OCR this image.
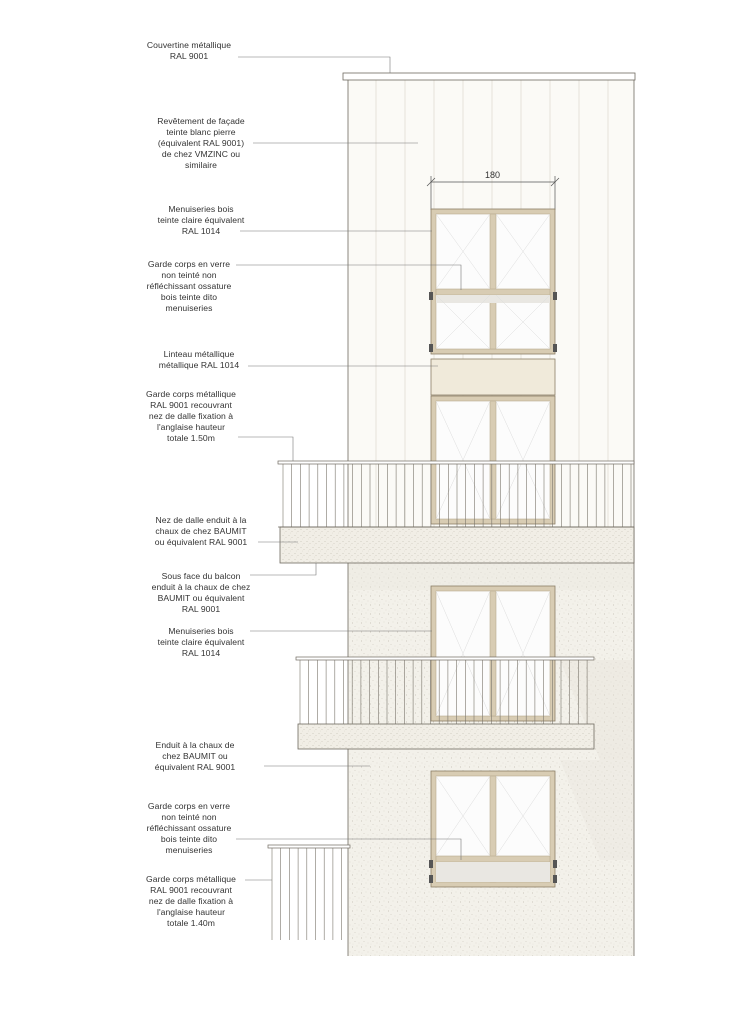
Couvertine métallique
RAL 9001
Revêtement de façade
teinte blanc pierre
(équivalent RAL 9001)
de chez VMZINC ou
similaire
Menuiseries bois
teinte claire équivalent
RAL 1014
Garde corps en verre
non teinté non
réfléchissant ossature
bois teinte dito
menuiseries
Linteau métallique
métallique RAL 1014
Garde corps métallique
RAL 9001 recouvrant
nez de dalle fixation à
l'anglaise hauteur
totale 1.50m
Nez de dalle enduit à la
chaux de chez BAUMIT
ou équivalent RAL 9001
Sous face du balcon
enduit à la chaux de chez
BAUMIT ou équivalent
RAL 9001
Menuiseries bois
teinte claire équivalent
RAL 1014
Enduit à la chaux de
chez BAUMIT ou
équivalent RAL 9001
Garde corps en verre
non teinté non
réfléchissant ossature
bois teinte dito
menuiseries
Garde corps métallique
RAL 9001 recouvrant
nez de dalle fixation à
l'anglaise hauteur
totale 1.40m
180
